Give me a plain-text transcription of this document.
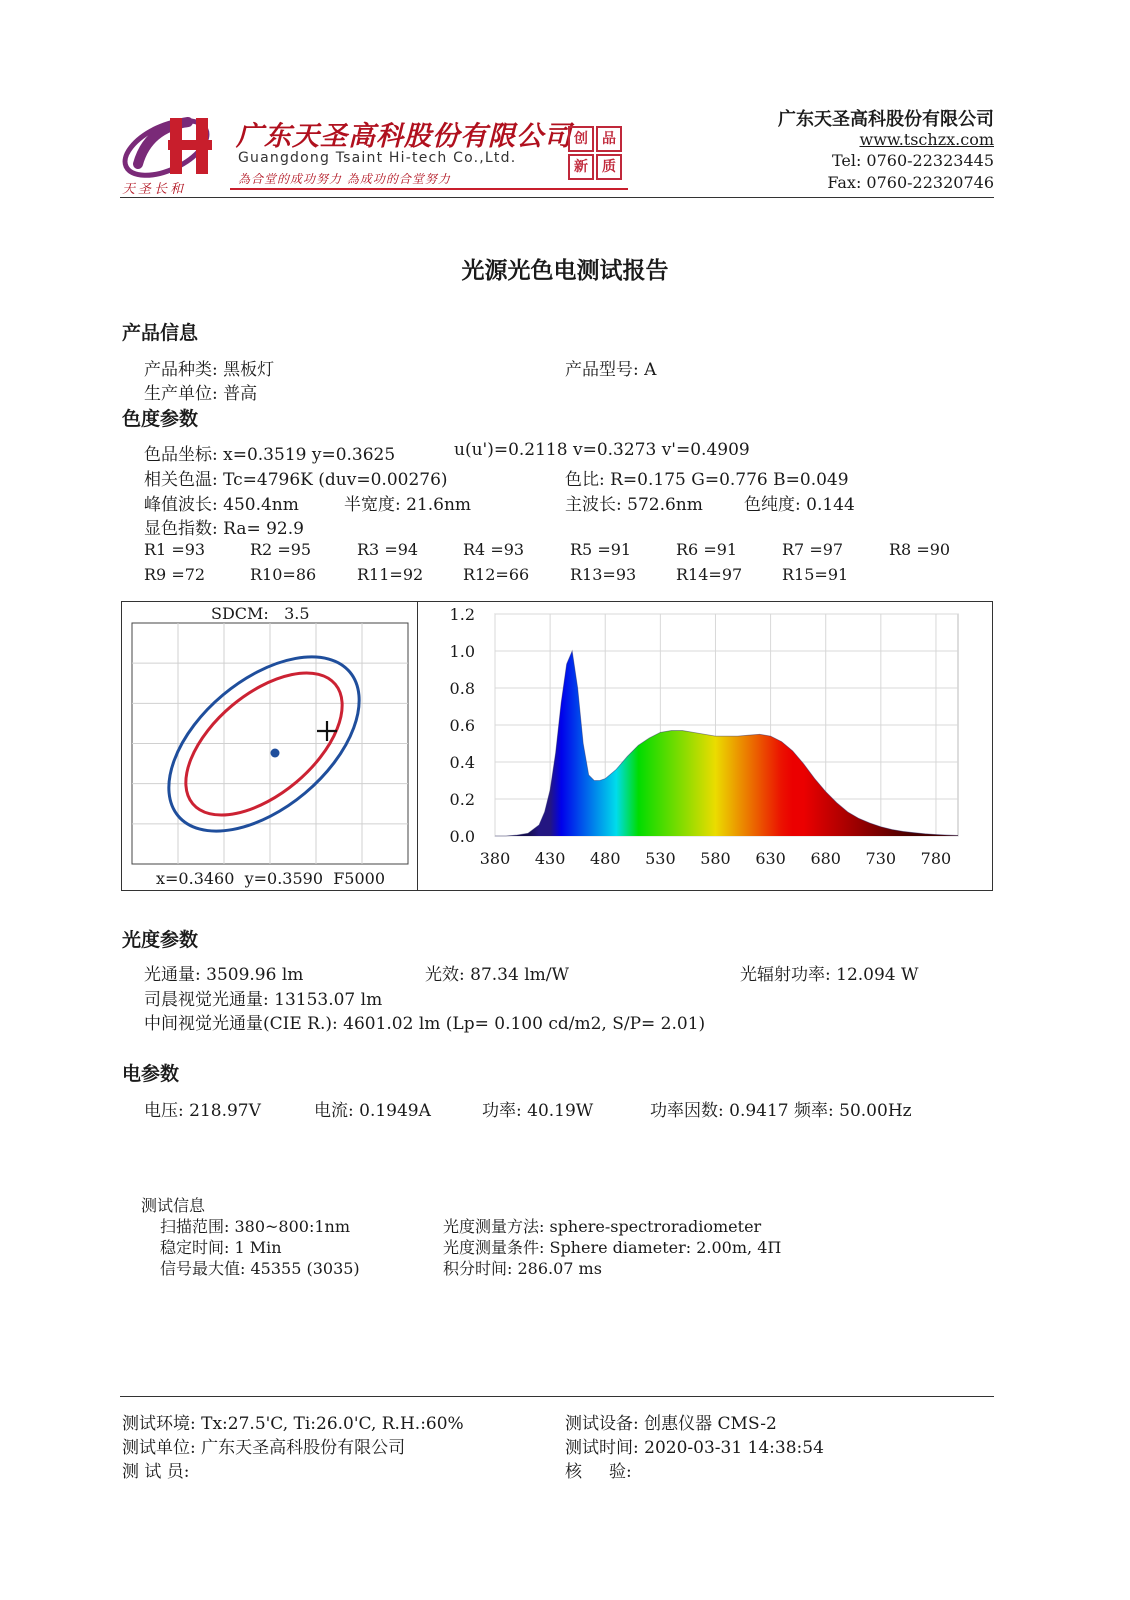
天圣长和
广东天圣高科股份有限公司
Guangdong Tsaint Hi-tech Co.,Ltd.
為合堂的成功努力 為成功的合堂努力
创	品
新	质
广东天圣高科股份有限公司
www.tschzx.com
Tel: 0760-22323445
Fax: 0760-22320746
光源光色电测试报告
产品信息
产品种类: 黑板灯	产品型号: A
生产单位: 普高
色度参数
色品坐标: x=0.3519 y=0.3625	u(u')=0.2118 v=0.3273 v'=0.4909
相关色温: Tc=4796K (duv=0.00276)	色比: R=0.175 G=0.776 B=0.049
峰值波长: 450.4nm	半宽度: 21.6nm	主波长: 572.6nm 色纯度: 0.144
显色指数: Ra= 92.9
R1 =93	R2 =95	R3 =94	R4 =93	R5 =91	R6 =91	R7 =97	R8 =90
R9 =72	R10=86	R11=92 R12=66	R13=93 R14=97 R15=91
SDCM:   3.5
x=0.3460  y=0.3590  F5000
1.2
1.0
0.8
0.6
0.4
0.2
0.0
380 430 480 530 580 630 680 730 780
光度参数
光通量: 3509.96 lm	光效: 87.34 lm/W	光辐射功率: 12.094 W
司晨视觉光通量: 13153.07 lm
中间视觉光通量(CIE R.): 4601.02 lm (Lp= 0.100 cd/m2, S/P= 2.01)
电参数
电压: 218.97V	电流: 0.1949A	功率: 40.19W	功率因数: 0.9417 频率: 50.00Hz
测试信息
扫描范围: 380~800:1nm
稳定时间: 1 Min
信号最大值: 45355 (3035)
光度测量方法: sphere-spectroradiometer
光度测量条件: Sphere diameter: 2.00m, 4Π
积分时间: 286.07 ms
测试环境: Tx:27.5'C, Ti:26.0'C, R.H.:60%	测试设备: 创惠仪器 CMS-2
测试单位: 广东天圣高科股份有限公司	测试时间: 2020-03-31 14:38:54
测 试 员:	核     验:
